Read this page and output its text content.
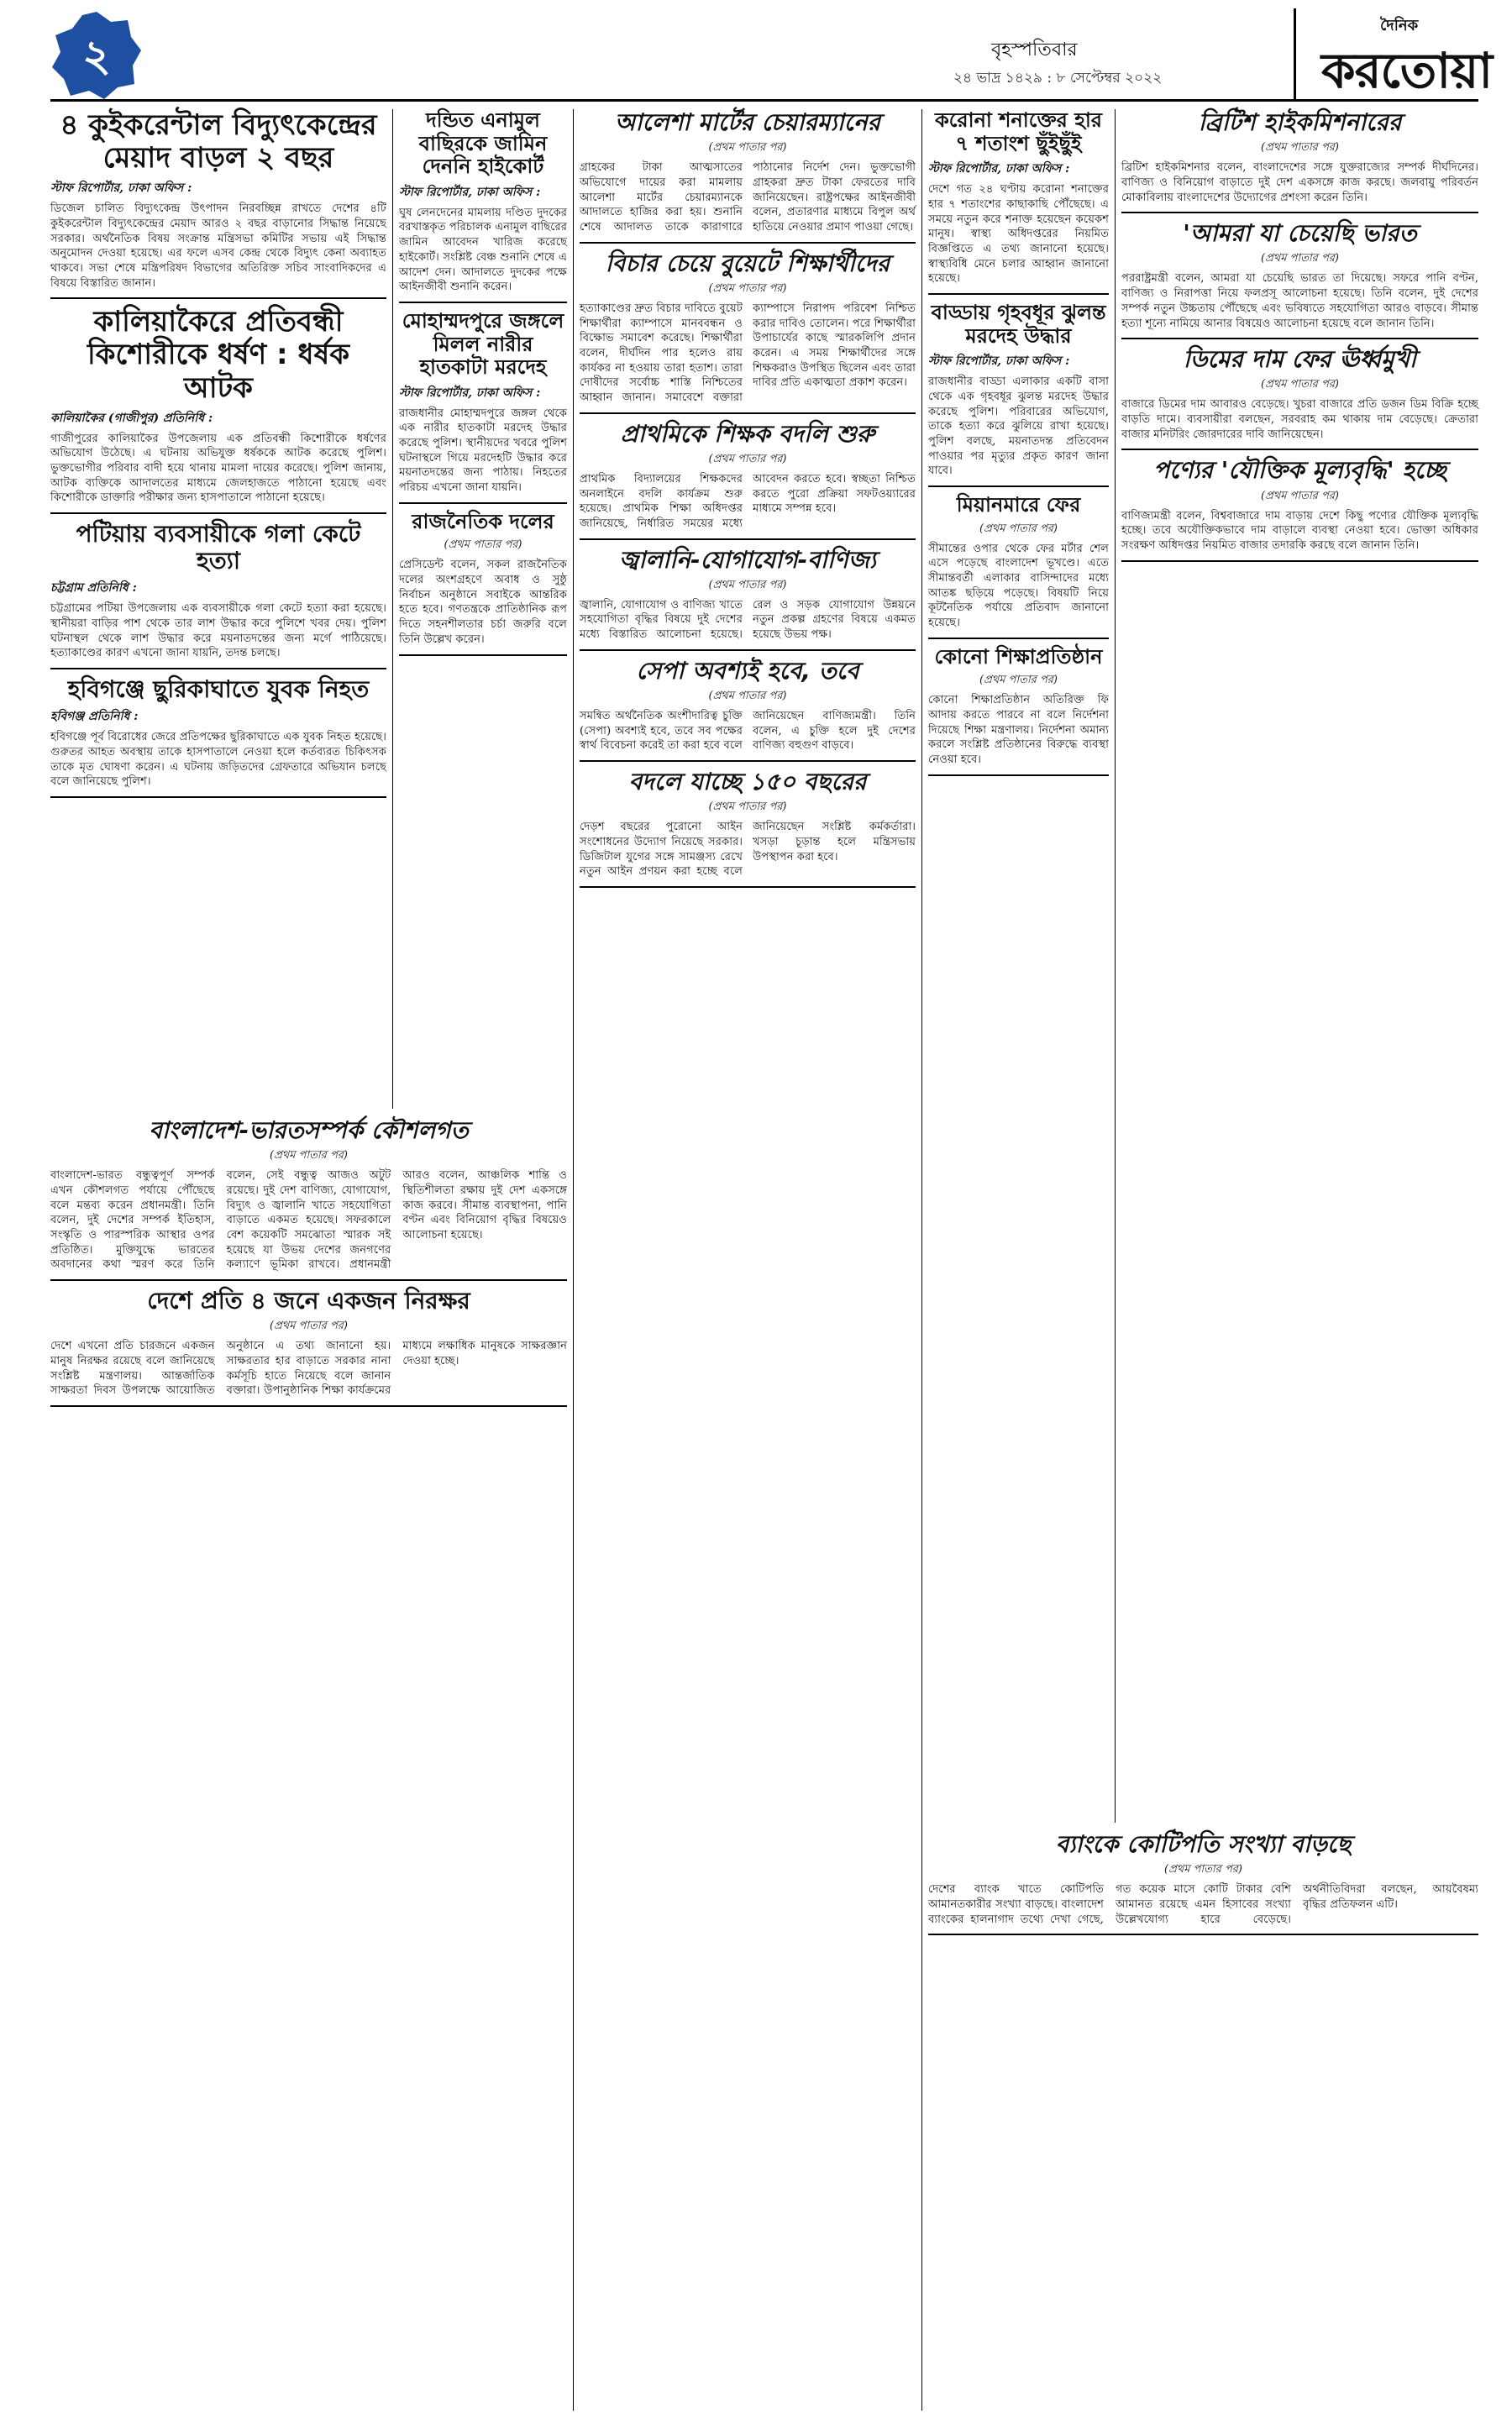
২	বৃহস্পতিবার
২৪ ভাদ্র ১৪২৯ : ৮ সেপ্টেম্বর ২০২২
দৈনিক
করতোয়া
৪ কুইকরেন্টাল বিদ্যুৎকেন্দ্রের মেয়াদ বাড়ল ২ বছর
স্টাফ রিপোর্টার, ঢাকা অফিস :
ডিজেল চালিত বিদ্যুৎকেন্দ্র উৎপাদন নিরবচ্ছিন্ন রাখতে দেশের ৪টি কুইকরেন্টাল বিদ্যুৎকেন্দ্রের মেয়াদ আরও ২ বছর বাড়ানোর সিদ্ধান্ত নিয়েছে সরকার। অর্থনৈতিক বিষয় সংক্রান্ত মন্ত্রিসভা কমিটির সভায় এই সিদ্ধান্ত অনুমোদন দেওয়া হয়েছে। এর ফলে এসব কেন্দ্র থেকে বিদ্যুৎ কেনা অব্যাহত থাকবে। সভা শেষে মন্ত্রিপরিষদ বিভাগের অতিরিক্ত সচিব সাংবাদিকদের এ বিষয়ে বিস্তারিত জানান।
কালিয়াকৈরে প্রতিবন্ধী কিশোরীকে ধর্ষণ : ধর্ষক আটক
কালিয়াকৈর (গাজীপুর) প্রতিনিধি :
গাজীপুরের কালিয়াকৈর উপজেলায় এক প্রতিবন্ধী কিশোরীকে ধর্ষণের অভিযোগ উঠেছে। এ ঘটনায় অভিযুক্ত ধর্ষককে আটক করেছে পুলিশ। ভুক্তভোগীর পরিবার বাদী হয়ে থানায় মামলা দায়ের করেছে। পুলিশ জানায়, আটক ব্যক্তিকে আদালতের মাধ্যমে জেলহাজতে পাঠানো হয়েছে এবং কিশোরীকে ডাক্তারি পরীক্ষার জন্য হাসপাতালে পাঠানো হয়েছে।
পটিয়ায় ব্যবসায়ীকে গলা কেটে হত্যা
চট্টগ্রাম প্রতিনিধি :
চট্টগ্রামের পটিয়া উপজেলায় এক ব্যবসায়ীকে গলা কেটে হত্যা করা হয়েছে। স্থানীয়রা বাড়ির পাশ থেকে তার লাশ উদ্ধার করে পুলিশে খবর দেয়। পুলিশ ঘটনাস্থল থেকে লাশ উদ্ধার করে ময়নাতদন্তের জন্য মর্গে পাঠিয়েছে। হত্যাকাণ্ডের কারণ এখনো জানা যায়নি, তদন্ত চলছে।
হবিগঞ্জে ছুরিকাঘাতে যুবক নিহত
হবিগঞ্জ প্রতিনিধি :
হবিগঞ্জে পূর্ব বিরোধের জেরে প্রতিপক্ষের ছুরিকাঘাতে এক যুবক নিহত হয়েছে। গুরুতর আহত অবস্থায় তাকে হাসপাতালে নেওয়া হলে কর্তব্যরত চিকিৎসক তাকে মৃত ঘোষণা করেন। এ ঘটনায় জড়িতদের গ্রেফতারে অভিযান চলছে বলে জানিয়েছে পুলিশ।
দন্ডিত এনামুল বাছিরকে জামিন দেননি হাইকোর্ট
স্টাফ রিপোর্টার, ঢাকা অফিস :
ঘুষ লেনদেনের মামলায় দণ্ডিত দুদকের বরখাস্তকৃত পরিচালক এনামুল বাছিরের জামিন আবেদন খারিজ করেছে হাইকোর্ট। সংশ্লিষ্ট বেঞ্চ শুনানি শেষে এ আদেশ দেন। আদালতে দুদকের পক্ষে আইনজীবী শুনানি করেন।
মোহাম্মদপুরে জঙ্গলে মিলল নারীর হাতকাটা মরদেহ
স্টাফ রিপোর্টার, ঢাকা অফিস :
রাজধানীর মোহাম্মদপুরে জঙ্গল থেকে এক নারীর হাতকাটা মরদেহ উদ্ধার করেছে পুলিশ। স্থানীয়দের খবরে পুলিশ ঘটনাস্থলে গিয়ে মরদেহটি উদ্ধার করে ময়নাতদন্তের জন্য পাঠায়। নিহতের পরিচয় এখনো জানা যায়নি।
রাজনৈতিক দলের
(প্রথম পাতার পর)
প্রেসিডেন্ট বলেন, সকল রাজনৈতিক দলের অংশগ্রহণে অবাধ ও সুষ্ঠু নির্বাচন অনুষ্ঠানে সবাইকে আন্তরিক হতে হবে। গণতন্ত্রকে প্রাতিষ্ঠানিক রূপ দিতে সহনশীলতার চর্চা জরুরি বলে তিনি উল্লেখ করেন।
বাংলাদেশ-ভারতসম্পর্ক কৌশলগত
(প্রথম পাতার পর)
বাংলাদেশ-ভারত বন্ধুত্বপূর্ণ সম্পর্ক এখন কৌশলগত পর্যায়ে পৌঁছেছে বলে মন্তব্য করেন প্রধানমন্ত্রী। তিনি বলেন, দুই দেশের সম্পর্ক ইতিহাস, সংস্কৃতি ও পারস্পরিক আস্থার ওপর প্রতিষ্ঠিত। মুক্তিযুদ্ধে ভারতের অবদানের কথা স্মরণ করে তিনি বলেন, সেই বন্ধুত্ব আজও অটুট রয়েছে। দুই দেশ বাণিজ্য, যোগাযোগ, বিদ্যুৎ ও জ্বালানি খাতে সহযোগিতা বাড়াতে একমত হয়েছে। সফরকালে বেশ কয়েকটি সমঝোতা স্মারক সই হয়েছে যা উভয় দেশের জনগণের কল্যাণে ভূমিকা রাখবে। প্রধানমন্ত্রী আরও বলেন, আঞ্চলিক শান্তি ও স্থিতিশীলতা রক্ষায় দুই দেশ একসঙ্গে কাজ করবে। সীমান্ত ব্যবস্থাপনা, পানি বণ্টন এবং বিনিয়োগ বৃদ্ধির বিষয়েও আলোচনা হয়েছে।
দেশে প্রতি ৪ জনে একজন নিরক্ষর
(প্রথম পাতার পর)
দেশে এখনো প্রতি চারজনে একজন মানুষ নিরক্ষর রয়েছে বলে জানিয়েছে সংশ্লিষ্ট মন্ত্রণালয়। আন্তর্জাতিক সাক্ষরতা দিবস উপলক্ষে আয়োজিত অনুষ্ঠানে এ তথ্য জানানো হয়। সাক্ষরতার হার বাড়াতে সরকার নানা কর্মসূচি হাতে নিয়েছে বলে জানান বক্তারা। উপানুষ্ঠানিক শিক্ষা কার্যক্রমের মাধ্যমে লক্ষাধিক মানুষকে সাক্ষরজ্ঞান দেওয়া হচ্ছে।
আলেশা মার্টের চেয়ারম্যানের
(প্রথম পাতার পর)
গ্রাহকের টাকা আত্মসাতের অভিযোগে দায়ের করা মামলায় আলেশা মার্টের চেয়ারম্যানকে আদালতে হাজির করা হয়। শুনানি শেষে আদালত তাকে কারাগারে পাঠানোর নির্দেশ দেন। ভুক্তভোগী গ্রাহকরা দ্রুত টাকা ফেরতের দাবি জানিয়েছেন। রাষ্ট্রপক্ষের আইনজীবী বলেন, প্রতারণার মাধ্যমে বিপুল অর্থ হাতিয়ে নেওয়ার প্রমাণ পাওয়া গেছে।
বিচার চেয়ে বুয়েটে শিক্ষার্থীদের
(প্রথম পাতার পর)
হত্যাকাণ্ডের দ্রুত বিচার দাবিতে বুয়েট শিক্ষার্থীরা ক্যাম্পাসে মানববন্ধন ও বিক্ষোভ সমাবেশ করেছে। শিক্ষার্থীরা বলেন, দীর্ঘদিন পার হলেও রায় কার্যকর না হওয়ায় তারা হতাশ। তারা দোষীদের সর্বোচ্চ শাস্তি নিশ্চিতের আহ্বান জানান। সমাবেশে বক্তারা ক্যাম্পাসে নিরাপদ পরিবেশ নিশ্চিত করার দাবিও তোলেন। পরে শিক্ষার্থীরা উপাচার্যের কাছে স্মারকলিপি প্রদান করেন। এ সময় শিক্ষার্থীদের সঙ্গে শিক্ষকরাও উপস্থিত ছিলেন এবং তারা দাবির প্রতি একাত্মতা প্রকাশ করেন।
প্রাথমিকে শিক্ষক বদলি শুরু
(প্রথম পাতার পর)
প্রাথমিক বিদ্যালয়ের শিক্ষকদের অনলাইনে বদলি কার্যক্রম শুরু হয়েছে। প্রাথমিক শিক্ষা অধিদপ্তর জানিয়েছে, নির্ধারিত সময়ের মধ্যে আবেদন করতে হবে। স্বচ্ছতা নিশ্চিত করতে পুরো প্রক্রিয়া সফটওয়্যারের মাধ্যমে সম্পন্ন হবে।
জ্বালানি-যোগাযোগ-বাণিজ্য
(প্রথম পাতার পর)
জ্বালানি, যোগাযোগ ও বাণিজ্য খাতে সহযোগিতা বৃদ্ধির বিষয়ে দুই দেশের মধ্যে বিস্তারিত আলোচনা হয়েছে। রেল ও সড়ক যোগাযোগ উন্নয়নে নতুন প্রকল্প গ্রহণের বিষয়ে একমত হয়েছে উভয় পক্ষ।
সেপা অবশ্যই হবে, তবে
(প্রথম পাতার পর)
সমন্বিত অর্থনৈতিক অংশীদারিত্ব চুক্তি (সেপা) অবশ্যই হবে, তবে সব পক্ষের স্বার্থ বিবেচনা করেই তা করা হবে বলে জানিয়েছেন বাণিজ্যমন্ত্রী। তিনি বলেন, এ চুক্তি হলে দুই দেশের বাণিজ্য বহুগুণ বাড়বে।
বদলে যাচ্ছে ১৫০ বছরের
(প্রথম পাতার পর)
দেড়শ বছরের পুরোনো আইন সংশোধনের উদ্যোগ নিয়েছে সরকার। ডিজিটাল যুগের সঙ্গে সামঞ্জস্য রেখে নতুন আইন প্রণয়ন করা হচ্ছে বলে জানিয়েছেন সংশ্লিষ্ট কর্মকর্তারা। খসড়া চূড়ান্ত হলে মন্ত্রিসভায় উপস্থাপন করা হবে।
করোনা শনাক্তের হার ৭ শতাংশ ছুঁইছুঁই
স্টাফ রিপোর্টার, ঢাকা অফিস :
দেশে গত ২৪ ঘণ্টায় করোনা শনাক্তের হার ৭ শতাংশের কাছাকাছি পৌঁছেছে। এ সময়ে নতুন করে শনাক্ত হয়েছেন কয়েকশ মানুষ। স্বাস্থ্য অধিদপ্তরের নিয়মিত বিজ্ঞপ্তিতে এ তথ্য জানানো হয়েছে। স্বাস্থ্যবিধি মেনে চলার আহ্বান জানানো হয়েছে।
বাড্ডায় গৃহবধূর ঝুলন্ত মরদেহ উদ্ধার
স্টাফ রিপোর্টার, ঢাকা অফিস :
রাজধানীর বাড্ডা এলাকার একটি বাসা থেকে এক গৃহবধূর ঝুলন্ত মরদেহ উদ্ধার করেছে পুলিশ। পরিবারের অভিযোগ, তাকে হত্যা করে ঝুলিয়ে রাখা হয়েছে। পুলিশ বলছে, ময়নাতদন্ত প্রতিবেদন পাওয়ার পর মৃত্যুর প্রকৃত কারণ জানা যাবে।
মিয়ানমারে ফের
(প্রথম পাতার পর)
সীমান্তের ওপার থেকে ফের মর্টার শেল এসে পড়েছে বাংলাদেশ ভূখণ্ডে। এতে সীমান্তবর্তী এলাকার বাসিন্দাদের মধ্যে আতঙ্ক ছড়িয়ে পড়েছে। বিষয়টি নিয়ে কূটনৈতিক পর্যায়ে প্রতিবাদ জানানো হয়েছে।
কোনো শিক্ষাপ্রতিষ্ঠান
(প্রথম পাতার পর)
কোনো শিক্ষাপ্রতিষ্ঠান অতিরিক্ত ফি আদায় করতে পারবে না বলে নির্দেশনা দিয়েছে শিক্ষা মন্ত্রণালয়। নির্দেশনা অমান্য করলে সংশ্লিষ্ট প্রতিষ্ঠানের বিরুদ্ধে ব্যবস্থা নেওয়া হবে।
ব্রিটিশ হাইকমিশনারের
(প্রথম পাতার পর)
ব্রিটিশ হাইকমিশনার বলেন, বাংলাদেশের সঙ্গে যুক্তরাজ্যের সম্পর্ক দীর্ঘদিনের। বাণিজ্য ও বিনিয়োগ বাড়াতে দুই দেশ একসঙ্গে কাজ করছে। জলবায়ু পরিবর্তন মোকাবিলায় বাংলাদেশের উদ্যোগের প্রশংসা করেন তিনি।
'আমরা যা চেয়েছি ভারত
(প্রথম পাতার পর)
পররাষ্ট্রমন্ত্রী বলেন, আমরা যা চেয়েছি ভারত তা দিয়েছে। সফরে পানি বণ্টন, বাণিজ্য ও নিরাপত্তা নিয়ে ফলপ্রসূ আলোচনা হয়েছে। তিনি বলেন, দুই দেশের সম্পর্ক নতুন উচ্চতায় পৌঁছেছে এবং ভবিষ্যতে সহযোগিতা আরও বাড়বে। সীমান্ত হত্যা শূন্যে নামিয়ে আনার বিষয়েও আলোচনা হয়েছে বলে জানান তিনি।
ডিমের দাম ফের ঊর্ধ্বমুখী
(প্রথম পাতার পর)
বাজারে ডিমের দাম আবারও বেড়েছে। খুচরা বাজারে প্রতি ডজন ডিম বিক্রি হচ্ছে বাড়তি দামে। ব্যবসায়ীরা বলছেন, সরবরাহ কম থাকায় দাম বেড়েছে। ক্রেতারা বাজার মনিটরিং জোরদারের দাবি জানিয়েছেন।
পণ্যের 'যৌক্তিক মূল্যবৃদ্ধি' হচ্ছে
(প্রথম পাতার পর)
বাণিজ্যমন্ত্রী বলেন, বিশ্ববাজারে দাম বাড়ায় দেশে কিছু পণ্যের যৌক্তিক মূল্যবৃদ্ধি হচ্ছে। তবে অযৌক্তিকভাবে দাম বাড়ালে ব্যবস্থা নেওয়া হবে। ভোক্তা অধিকার সংরক্ষণ অধিদপ্তর নিয়মিত বাজার তদারকি করছে বলে জানান তিনি।
ব্যাংকে কোটিপতি সংখ্যা বাড়ছে
(প্রথম পাতার পর)
দেশের ব্যাংক খাতে কোটিপতি আমানতকারীর সংখ্যা বাড়ছে। বাংলাদেশ ব্যাংকের হালনাগাদ তথ্যে দেখা গেছে, গত কয়েক মাসে কোটি টাকার বেশি আমানত রয়েছে এমন হিসাবের সংখ্যা উল্লেখযোগ্য হারে বেড়েছে। অর্থনীতিবিদরা বলছেন, আয়বৈষম্য বৃদ্ধির প্রতিফলন এটি।
